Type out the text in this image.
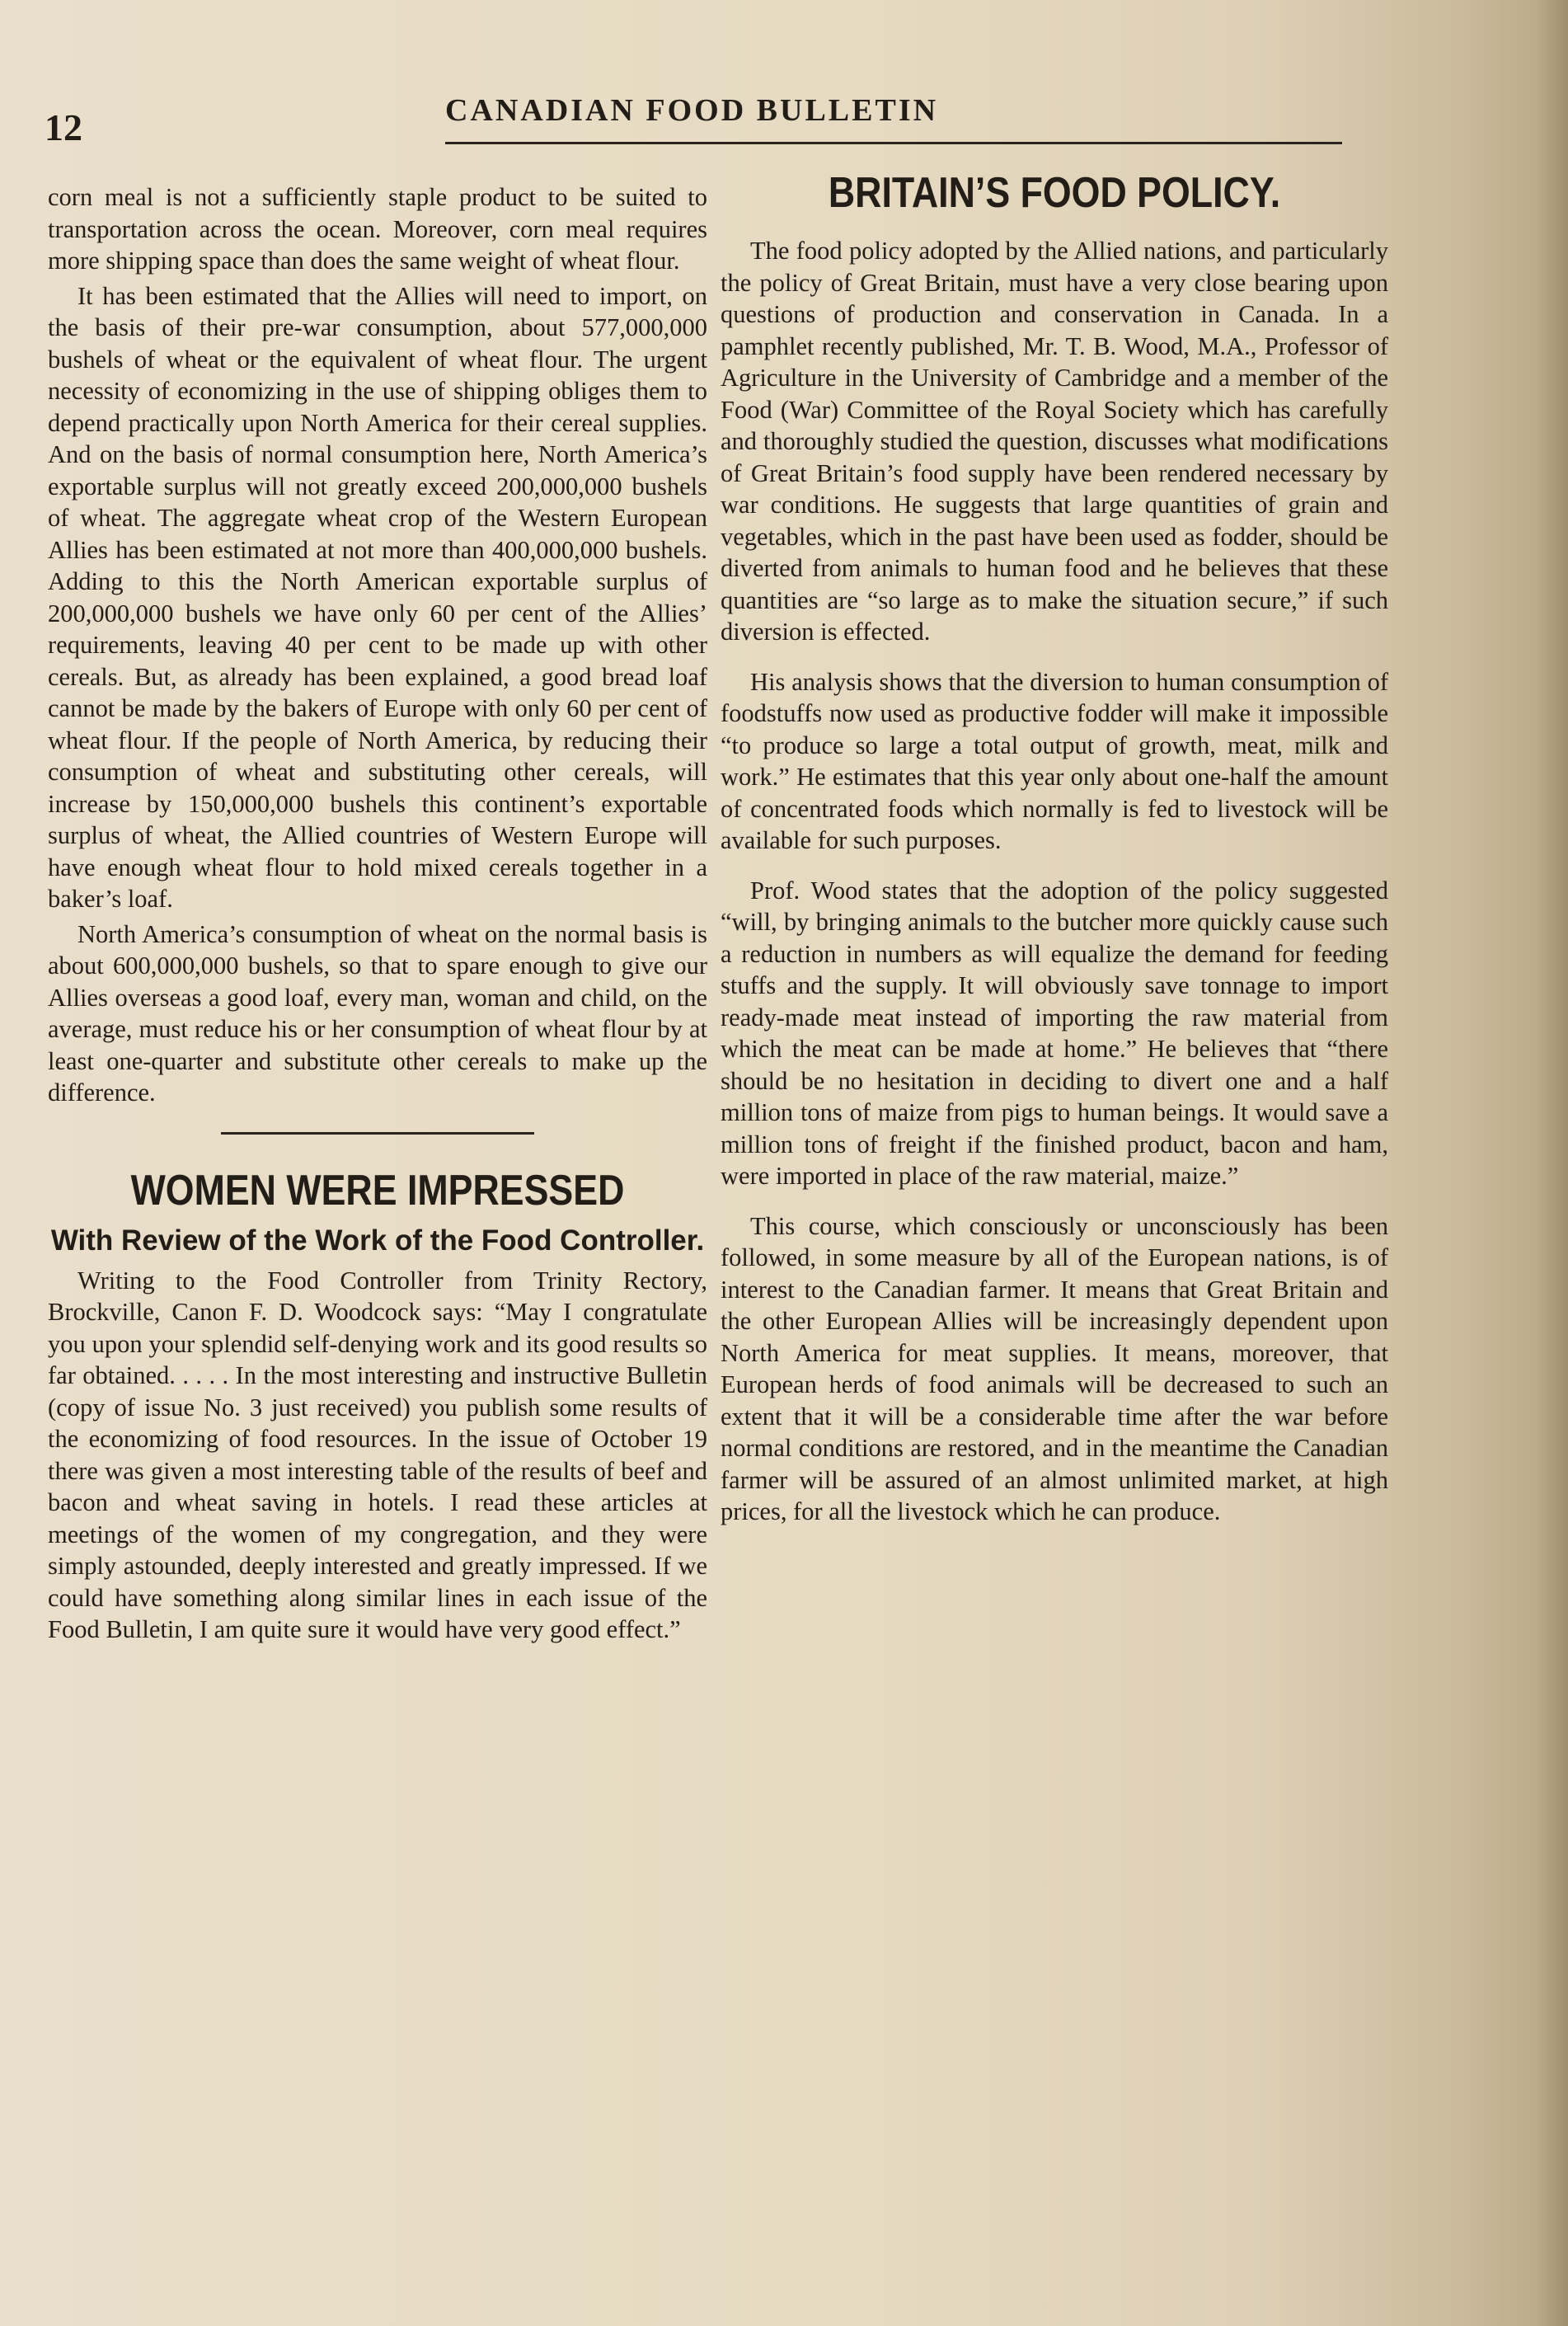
12	CANADIAN FOOD BULLETIN

corn meal is not a sufficiently staple product to be suited to transportation across the ocean. Moreover, corn meal requires more shipping space than does the same weight of wheat flour.

It has been estimated that the Allies will need to import, on the basis of their pre-war consumption, about 577,000,000 bushels of wheat or the equivalent of wheat flour. The urgent necessity of economizing in the use of shipping obliges them to depend practically upon North America for their cereal supplies. And on the basis of normal consumption here, North America’s exportable surplus will not greatly exceed 200,000,000 bushels of wheat. The aggregate wheat crop of the Western European Allies has been estimated at not more than 400,000,000 bushels. Adding to this the North American exportable surplus of 200,000,000 bushels we have only 60 per cent of the Allies’ requirements, leaving 40 per cent to be made up with other cereals. But, as already has been explained, a good bread loaf cannot be made by the bakers of Europe with only 60 per cent of wheat flour. If the people of North America, by reducing their consumption of wheat and substituting other cereals, will increase by 150,000,000 bushels this continent’s exportable surplus of wheat, the Allied countries of Western Europe will have enough wheat flour to hold mixed cereals together in a baker’s loaf.

North America’s consumption of wheat on the normal basis is about 600,000,000 bushels, so that to spare enough to give our Allies overseas a good loaf, every man, woman and child, on the average, must reduce his or her consumption of wheat flour by at least one-quarter and substitute other cereals to make up the difference.

WOMEN WERE IMPRESSED
With Review of the Work of the Food Controller.

Writing to the Food Controller from Trinity Rectory, Brockville, Canon F. D. Woodcock says: “May I congratulate you upon your splendid self-denying work and its good results so far obtained. . . . . In the most interesting and instructive Bulletin (copy of issue No. 3 just received) you publish some results of the economizing of food resources. In the issue of October 19 there was given a most interesting table of the results of beef and bacon and wheat saving in hotels. I read these articles at meetings of the women of my congregation, and they were simply astounded, deeply interested and greatly impressed. If we could have something along similar lines in each issue of the Food Bulletin, I am quite sure it would have very good effect.”

BRITAIN’S FOOD POLICY.

The food policy adopted by the Allied nations, and particularly the policy of Great Britain, must have a very close bearing upon questions of production and conservation in Canada. In a pamphlet recently published, Mr. T. B. Wood, M.A., Professor of Agriculture in the University of Cambridge and a member of the Food (War) Committee of the Royal Society which has carefully and thoroughly studied the question, discusses what modifications of Great Britain’s food supply have been rendered necessary by war conditions. He suggests that large quantities of grain and vegetables, which in the past have been used as fodder, should be diverted from animals to human food and he believes that these quantities are “so large as to make the situation secure,” if such diversion is effected.

His analysis shows that the diversion to human consumption of foodstuffs now used as productive fodder will make it impossible “to produce so large a total output of growth, meat, milk and work.” He estimates that this year only about one-half the amount of concentrated foods which normally is fed to livestock will be available for such purposes.

Prof. Wood states that the adoption of the policy suggested “will, by bringing animals to the butcher more quickly cause such a reduction in numbers as will equalize the demand for feeding stuffs and the supply. It will obviously save tonnage to import ready-made meat instead of importing the raw material from which the meat can be made at home.” He believes that “there should be no hesitation in deciding to divert one and a half million tons of maize from pigs to human beings. It would save a million tons of freight if the finished product, bacon and ham, were imported in place of the raw material, maize.”

This course, which consciously or unconsciously has been followed, in some measure by all of the European nations, is of interest to the Canadian farmer. It means that Great Britain and the other European Allies will be increasingly dependent upon North America for meat supplies. It means, moreover, that European herds of food animals will be decreased to such an extent that it will be a considerable time after the war before normal conditions are restored, and in the meantime the Canadian farmer will be assured of an almost unlimited market, at high prices, for all the livestock which he can produce.
